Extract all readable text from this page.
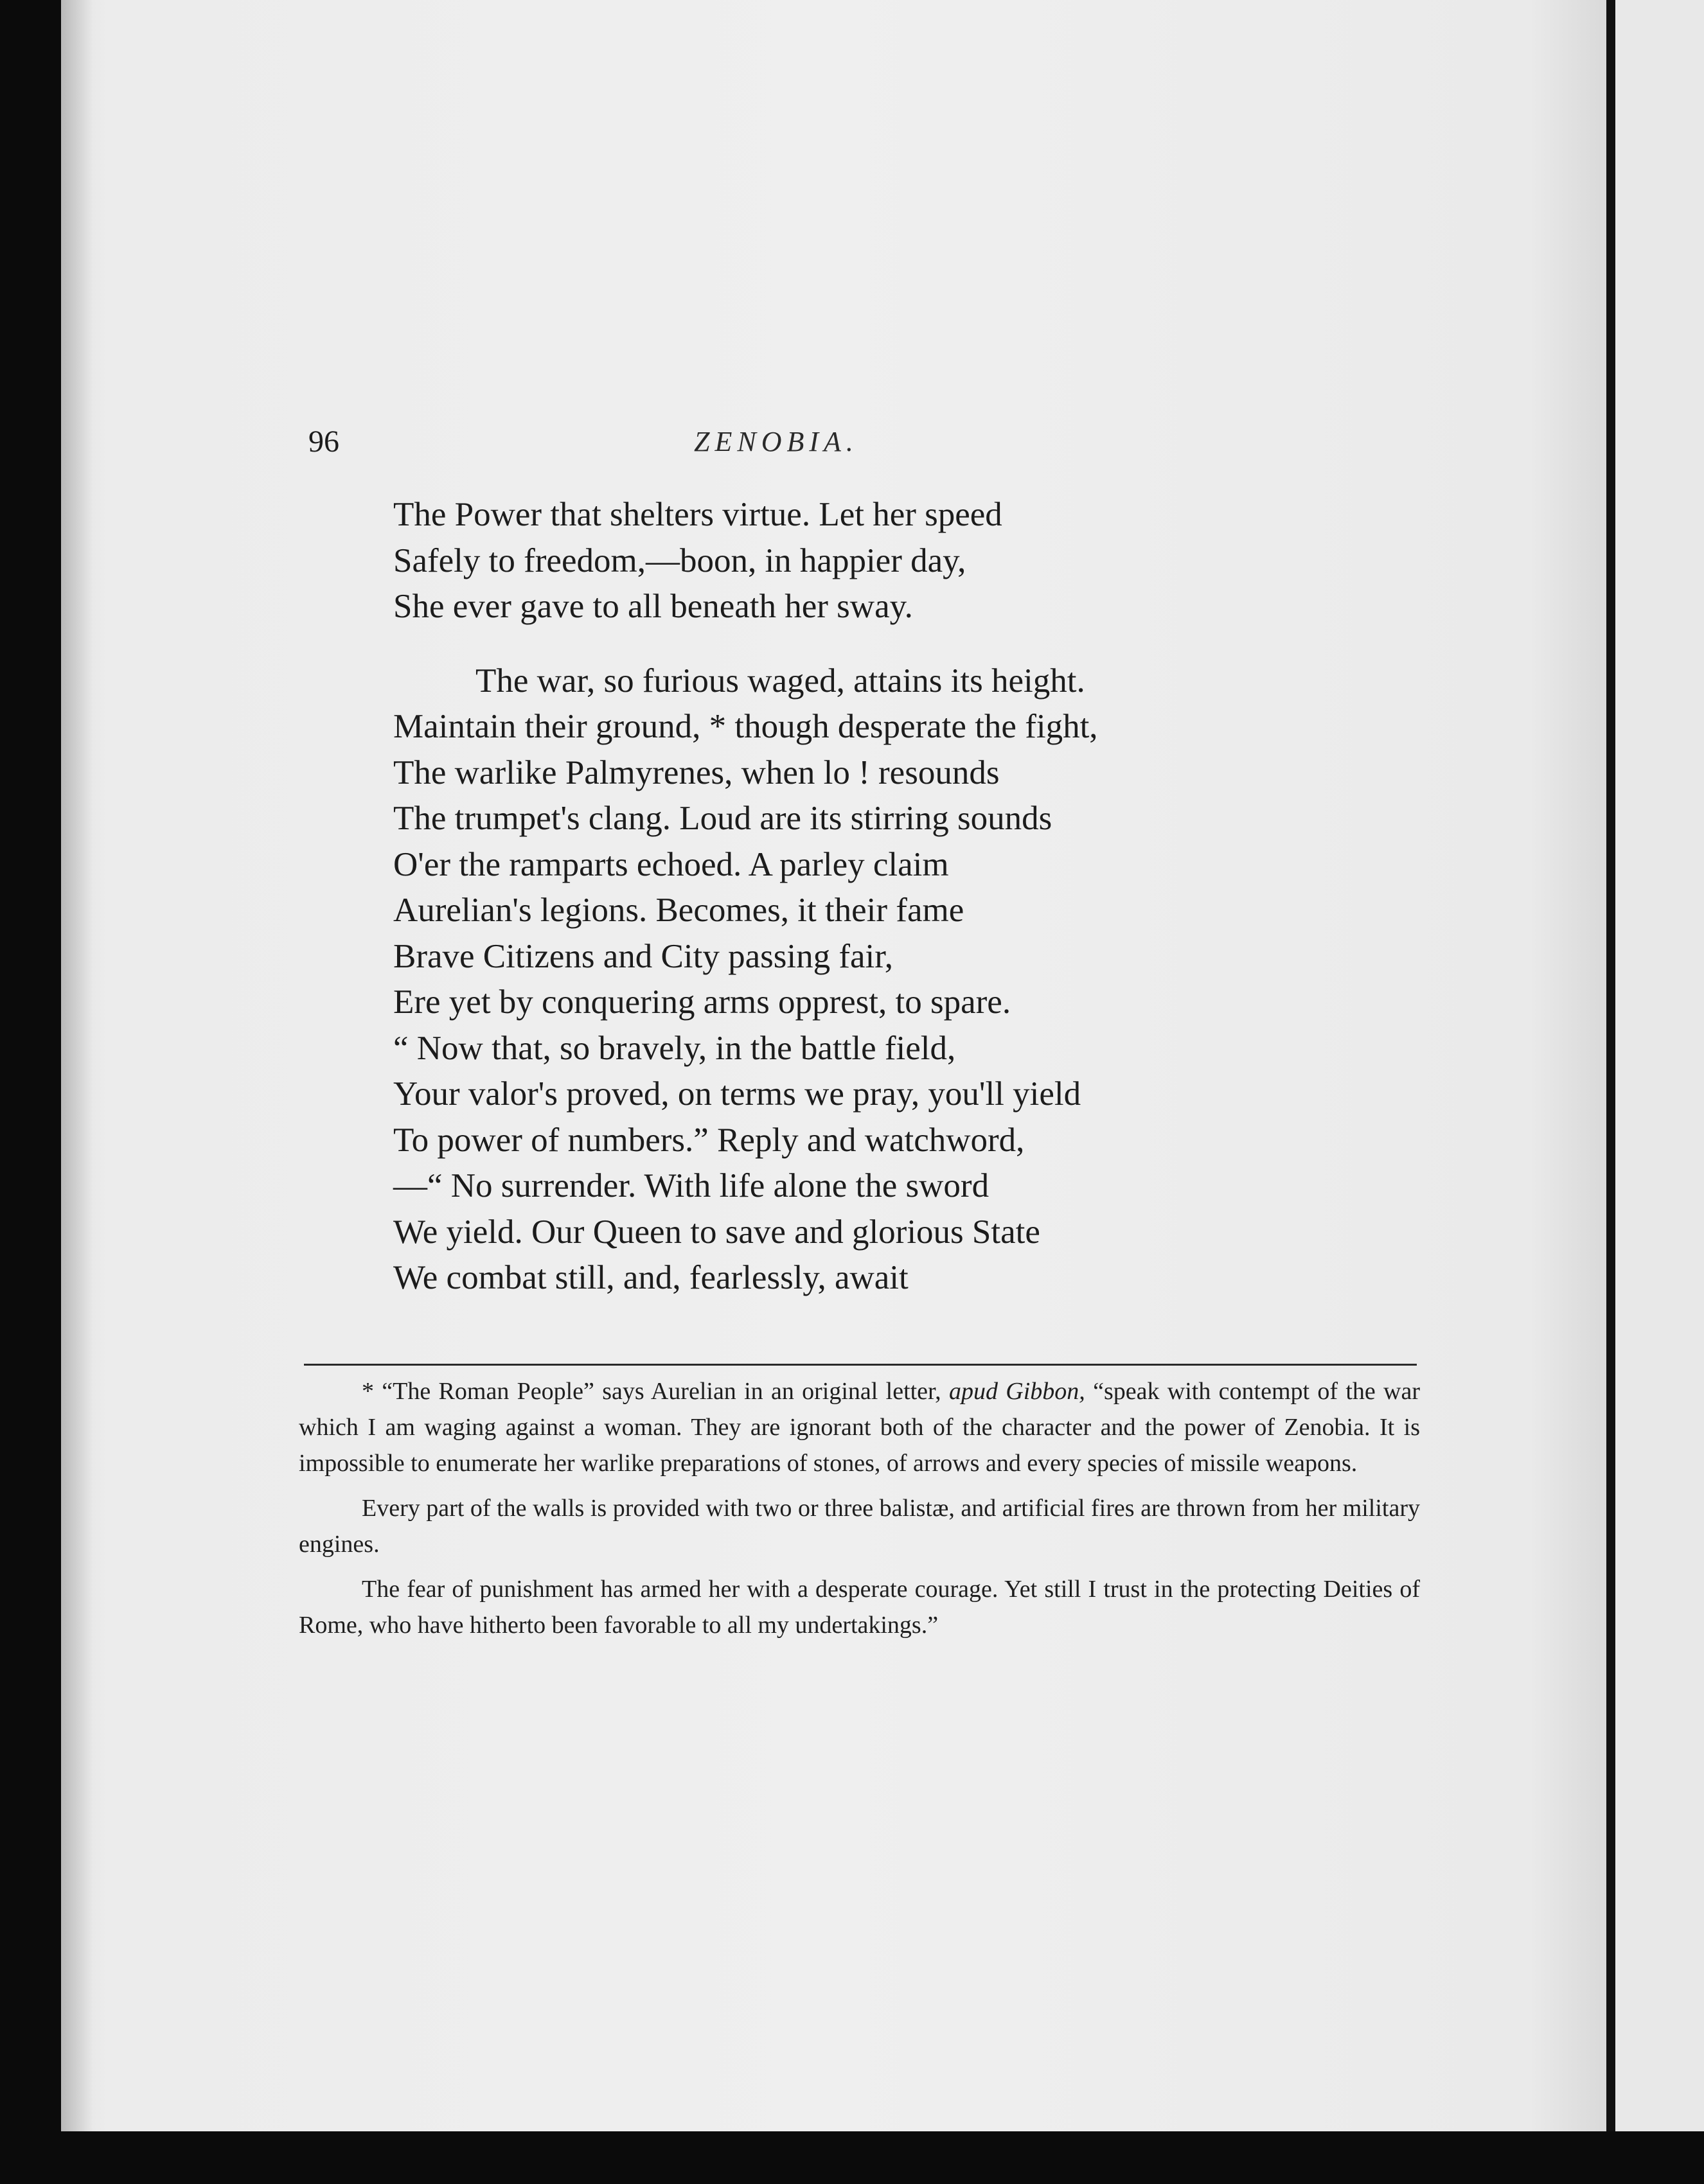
96	ZENOBIA.
The Power that shelters virtue. Let her speed
Safely to freedom,—boon, in happier day,
She ever gave to all beneath her sway.
The war, so furious waged, attains its height.
Maintain their ground, * though desperate the fight,
The warlike Palmyrenes, when lo ! resounds
The trumpet's clang. Loud are its stirring sounds
O'er the ramparts echoed. A parley claim
Aurelian's legions. Becomes, it their fame
Brave Citizens and City passing fair,
Ere yet by conquering arms opprest, to spare.
“ Now that, so bravely, in the battle field,
Your valor's proved, on terms we pray, you'll yield
To power of numbers.” Reply and watchword,
—“ No surrender. With life alone the sword
We yield. Our Queen to save and glorious State
We combat still, and, fearlessly, await

* “The Roman People” says Aurelian in an original letter, apud Gibbon, “speak with contempt of the war which I am waging against a woman. They are ignorant both of the character and the power of Zenobia. It is impossible to enumerate her warlike preparations of stones, of arrows and every species of missile weapons.

Every part of the walls is provided with two or three balistæ, and artificial fires are thrown from her military engines.

The fear of punishment has armed her with a desperate courage. Yet still I trust in the protecting Deities of Rome, who have hitherto been favorable to all my undertakings.”
